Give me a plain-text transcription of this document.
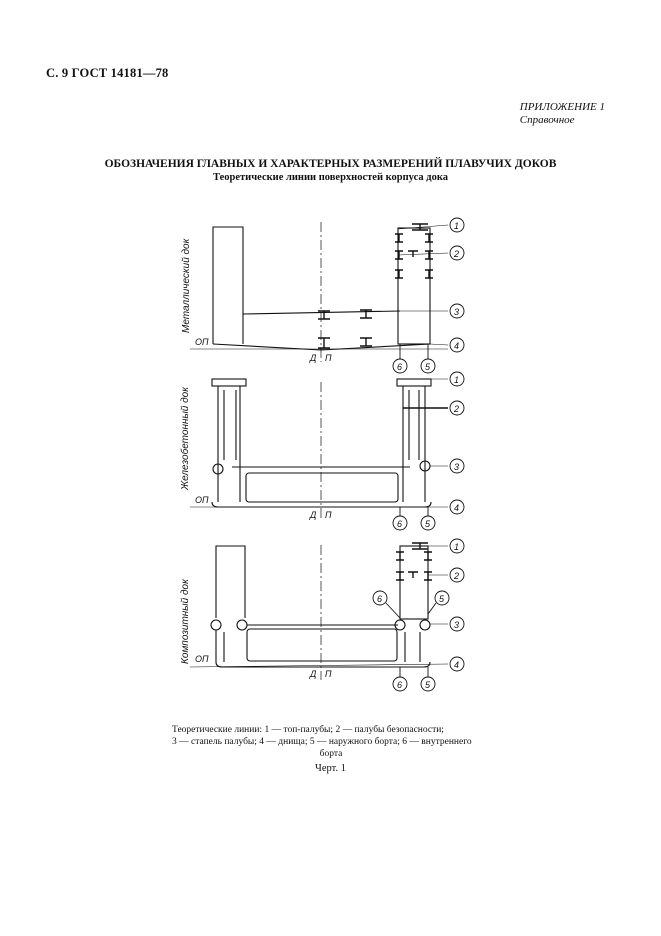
С. 9 ГОСТ 14181—78
ПРИЛОЖЕНИЕ 1
Справочное
ОБОЗНАЧЕНИЯ ГЛАВНЫХ И ХАРАКТЕРНЫХ РАЗМЕРЕНИЙ ПЛАВУЧИХ ДОКОВ
Теоретические линии поверхностей корпуса дока
Металлический док
ОП
Д П
1
2
3
4
6	5
Железобетонный док
ОП
Д П
1
2
3
4
6	5
Композитный док ОП
Д П
1
2
6	5
3
4
6	5
Теоретические линии: 1 — топ-палубы; 2 — палубы безопасности;
3 — стапель палубы; 4 — днища; 5 — наружного борта; 6 — внутреннего
борта
Черт. 1
